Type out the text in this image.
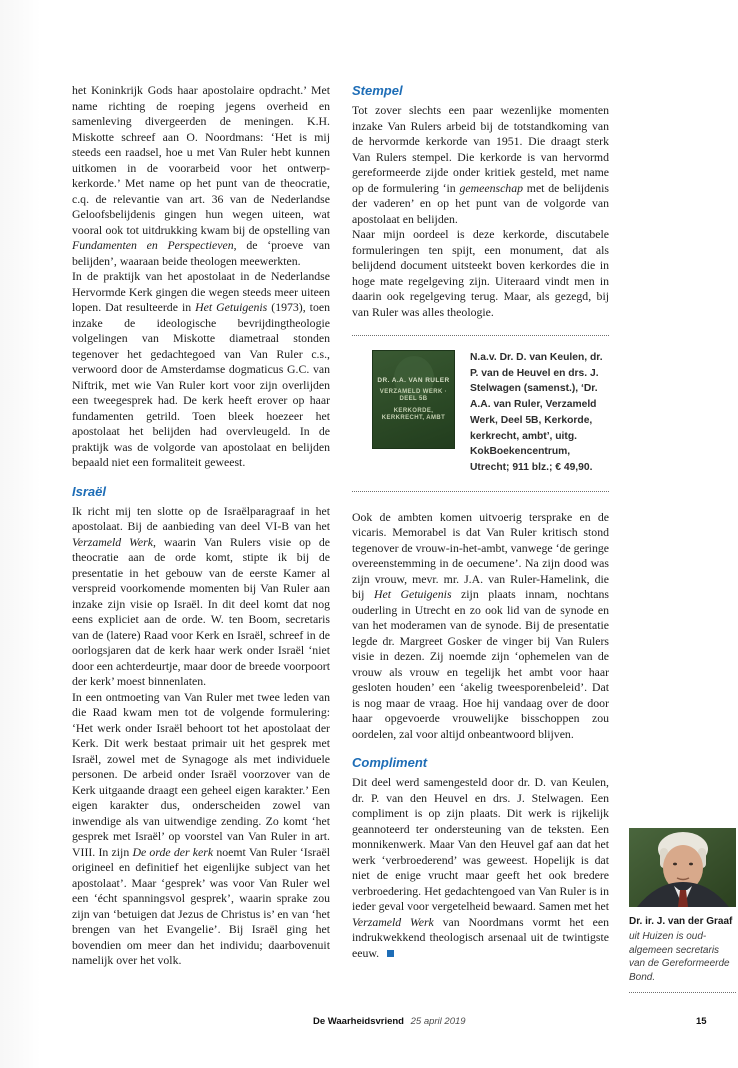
het Koninkrijk Gods haar apostolaire opdracht.’ Met name richting de roeping jegens overheid en samenleving divergeerden de meningen. K.H. Miskotte schreef aan O. Noordmans: ‘Het is mij steeds een raadsel, hoe u met Van Ruler hebt kunnen uitkomen in de voorarbeid voor het ontwerp-kerkorde.’ Met name op het punt van de theocratie, c.q. de relevantie van art. 36 van de Nederlandse Geloofsbelijdenis gingen hun wegen uiteen, wat vooral ook tot uitdrukking kwam bij de opstelling van Fundamenten en Perspectieven, de ‘proeve van belijden’, waaraan beide theologen meewerkten.

In de praktijk van het apostolaat in de Nederlandse Hervormde Kerk gingen die wegen steeds meer uiteen lopen. Dat resulteerde in Het Getuigenis (1973), toen inzake de ideologische bevrijdingtheologie volgelingen van Miskotte diametraal stonden tegenover het gedachtegoed van Van Ruler c.s., verwoord door de Amsterdamse dogmaticus G.C. van Niftrik, met wie Van Ruler kort voor zijn overlijden een tweegesprek had. De kerk heeft erover op haar fundamenten getrild. Toen bleek hoezeer het apostolaat het belijden had overvleugeld. In de praktijk was de volgorde van apostolaat en belijden bepaald niet een formaliteit geweest.

Israël

Ik richt mij ten slotte op de Israëlparagraaf in het apostolaat. Bij de aanbieding van deel VI-B van het Verzameld Werk, waarin Van Rulers visie op de theocratie aan de orde komt, stipte ik bij de presentatie in het gebouw van de eerste Kamer al verspreid voorkomende momenten bij Van Ruler aan inzake zijn visie op Israël. In dit deel komt dat nog eens expliciet aan de orde. W. ten Boom, secretaris van de (latere) Raad voor Kerk en Israël, schreef in de oorlogsjaren dat de kerk haar werk onder Israël ‘niet door een achterdeurtje, maar door de breede voorpoort der kerk’ moest binnenlaten.

In een ontmoeting van Van Ruler met twee leden van die Raad kwam men tot de volgende formulering: ‘Het werk onder Israël behoort tot het apostolaat der Kerk. Dit werk bestaat primair uit het gesprek met Israël, zowel met de Synagoge als met individuele personen. De arbeid onder Israël voorzover van de Kerk uitgaande draagt een geheel eigen karakter.’ Een eigen karakter dus, onderscheiden zowel van inwendige als van uitwendige zending. Zo komt ‘het gesprek met Israël’ op voorstel van Van Ruler in art. VIII. In zijn De orde der kerk noemt Van Ruler ‘Israël origineel en definitief het eigenlijke subject van het apostolaat’. Maar ‘gesprek’ was voor Van Ruler wel een ‘écht spanningsvol gesprek’, waarin sprake zou zijn van ‘betuigen dat Jezus de Christus is’ en van ‘het brengen van het Evangelie’. Bij Israël ging het bovendien om meer dan het individu; daarbovenuit namelijk over het volk.

Stempel

Tot zover slechts een paar wezenlijke momenten inzake Van Rulers arbeid bij de totstandkoming van de hervormde kerkorde van 1951. Die draagt sterk Van Rulers stempel. Die kerkorde is van hervormd gereformeerde zijde onder kritiek gesteld, met name op de formulering ‘in gemeenschap met de belijdenis der vaderen’ en op het punt van de volgorde van apostolaat en belijden.

Naar mijn oordeel is deze kerkorde, discutabele formuleringen ten spijt, een monument, dat als belijdend document uitsteekt boven kerkordes die in hoge mate regelgeving zijn. Uiteraard vindt men in daarin ook regelgeving terug. Maar, als gezegd, bij van Ruler was alles theologie.

DR. A.A. VAN RULER
VERZAMELD WERK · DEEL 5B
KERKORDE, KERKRECHT, AMBT
N.a.v. Dr. D. van Keulen, dr. P. van de Heuvel en drs. J. Stelwagen (samenst.), ‘Dr. A.A. van Ruler, Verzameld Werk, Deel 5B, Kerkorde, kerkrecht, ambt’, uitg. KokBoekencentrum, Utrecht; 911 blz.; € 49,90.

Ook de ambten komen uitvoerig tersprake en de vicaris. Memorabel is dat Van Ruler kritisch stond tegenover de vrouw-in-het-ambt, vanwege ‘de geringe overeenstemming in de oecumene’. Na zijn dood was zijn vrouw, mevr. mr. J.A. van Ruler-Hamelink, die bij Het Getuigenis zijn plaats innam, nochtans ouderling in Utrecht en zo ook lid van de synode en van het moderamen van de synode. Bij de presentatie legde dr. Margreet Gosker de vinger bij Van Rulers visie in dezen. Zij noemde zijn ‘ophemelen van de vrouw als vrouw en tegelijk het ambt voor haar gesloten houden’ een ‘akelig tweesporenbeleid’. Dat is nog maar de vraag. Hoe hij vandaag over de door haar opgevoerde vrouwelijke bisschoppen zou oordelen, zal voor altijd onbeantwoord blijven.

Compliment

Dit deel werd samengesteld door dr. D. van Keulen, dr. P. van den Heuvel en drs. J. Stelwagen. Een compliment is op zijn plaats. Dit werk is rijkelijk geannoteerd ter ondersteuning van de teksten. Een monnikenwerk. Maar Van den Heuvel gaf aan dat het werk ‘verbroederend’ was geweest. Hopelijk is dat niet de enige vrucht maar geeft het ook bredere verbroedering. Het gedachtengoed van Van Ruler is in ieder geval voor vergetelheid bewaard. Samen met het Verzameld Werk van Noordmans vormt het een indrukwekkend theologisch arsenaal uit de twintigste eeuw.

Dr. ir. J. van der Graaf
uit Huizen is oud-algemeen secretaris van de Gereformeerde Bond.
De Waarheidsvriend 25 april 2019	15
